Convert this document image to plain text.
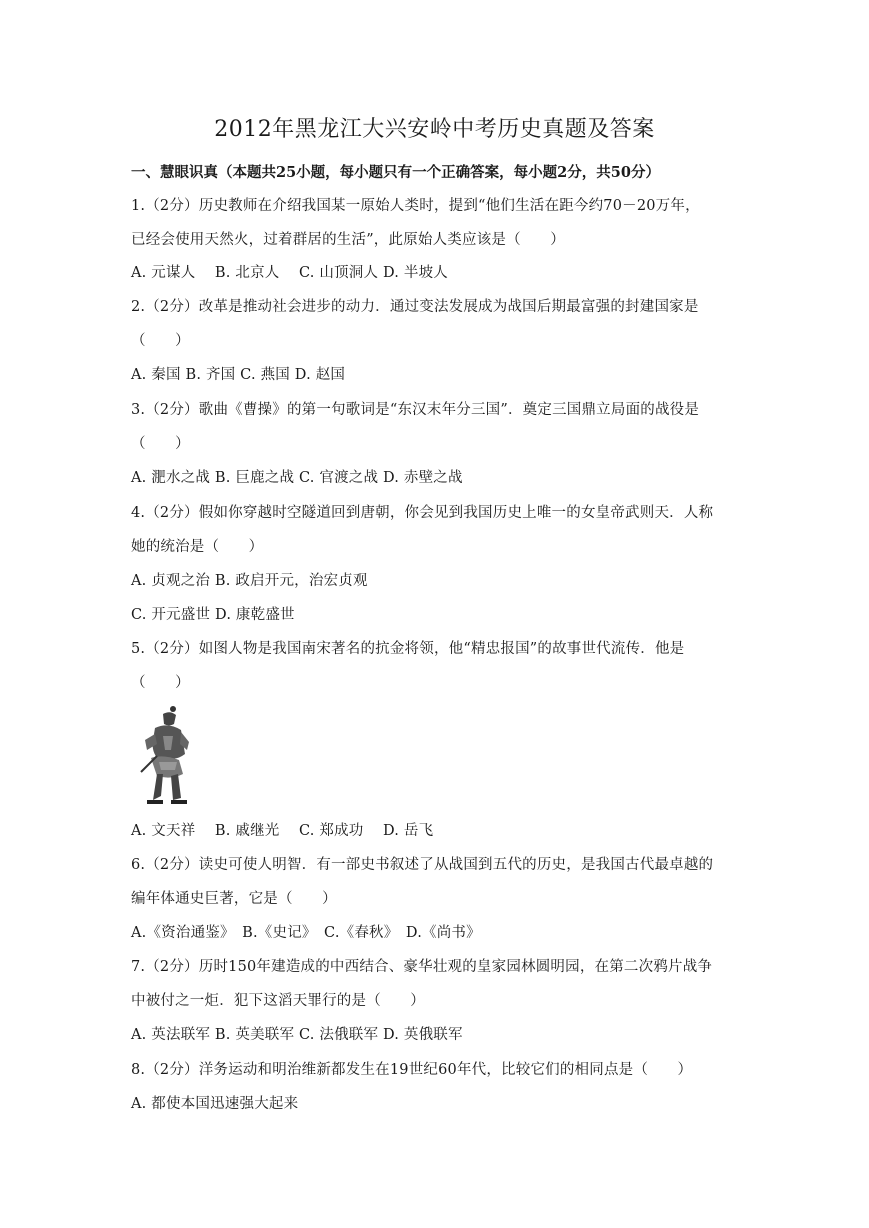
2012年黑龙江大兴安岭中考历史真题及答案
一、慧眼识真（本题共25小题，每小题只有一个正确答案，每小题2分，共50分）
1.（2分）历史教师在介绍我国某一原始人类时，提到“他们生活在距今约70－20万年，
已经会使用天然火，过着群居的生活”，此原始人类应该是（　　）
A. 元谋人　 B. 北京人　 C. 山顶洞人 D. 半坡人
2.（2分）改革是推动社会进步的动力．通过变法发展成为战国后期最富强的封建国家是
（　　）
A. 秦国 B. 齐国 C. 燕国 D. 赵国
3.（2分）歌曲《曹操》的第一句歌词是“东汉末年分三国”．奠定三国鼎立局面的战役是
（　　）
A. 淝水之战 B. 巨鹿之战 C. 官渡之战 D. 赤壁之战
4.（2分）假如你穿越时空隧道回到唐朝，你会见到我国历史上唯一的女皇帝武则天．人称
她的统治是（　　）
A. 贞观之治 B. 政启开元，治宏贞观
C. 开元盛世 D. 康乾盛世
5.（2分）如图人物是我国南宋著名的抗金将领，他“精忠报国”的故事世代流传．他是
（　　）
A. 文天祥　 B. 戚继光　 C. 郑成功　 D. 岳飞
6.（2分）读史可使人明智．有一部史书叙述了从战国到五代的历史，是我国古代最卓越的
编年体通史巨著，它是（　　）
A.《资治通鉴》　B.《史记》　C.《春秋》　D.《尚书》
7.（2分）历时150年建造成的中西结合、豪华壮观的皇家园林圆明园，在第二次鸦片战争
中被付之一炬．犯下这滔天罪行的是（　　）
A. 英法联军 B. 英美联军 C. 法俄联军 D. 英俄联军
8.（2分）洋务运动和明治维新都发生在19世纪60年代，比较它们的相同点是（　　）
A. 都使本国迅速强大起来
